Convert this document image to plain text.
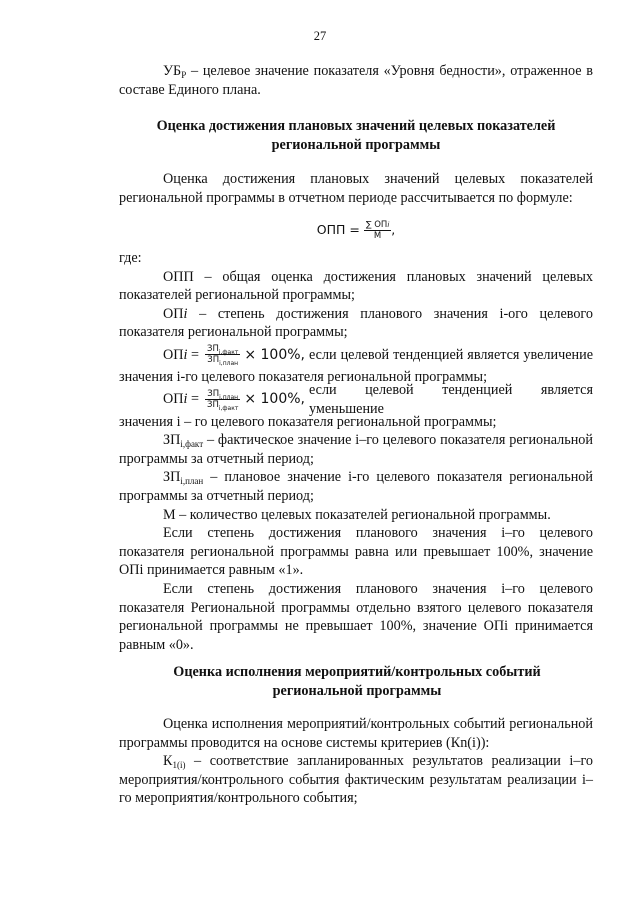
27

$УБ_Р$ – целевое значение показателя «Уровня бедности», отраженное в составе Единого плана.

Оценка достижения плановых значений целевых показателей региональной программы

Оценка достижения плановых значений целевых показателей региональной программы в отчетном периоде рассчитывается по формуле:

ОПП = $\frac{\text{∑ ОПi}}{М}$ ,

где:

ОПП – общая оценка достижения плановых значений целевых показателей региональной программы;

ОПi – степень достижения планового значения i-ого целевого показателя региональной программы;

ОПi = $\frac{ЗП_{i,факт}}{ЗП_{i,план}} \times 100\%$, если целевой тенденцией является увеличение

значения i-го целевого показателя региональной программы;

ОПi = $\frac{ЗП_{i,план}}{ЗП_{i,факт}} \times 100\%$,
если целевой тенденцией является уменьшение

значения i – го целевого показателя региональной программы;

$ЗП_{i,факт}$ – фактическое значение i–го целевого показателя региональной программы за отчетный период;

$ЗП_{i,план}$ – плановое значение i-го целевого показателя региональной программы за отчетный период;

М – количество целевых показателей региональной программы.

Если степень достижения планового значения i–го целевого показателя региональной программы равна или превышает 100%, значение ОПi принимается равным «1».

Если степень достижения планового значения i–го целевого показателя Региональной программы отдельно взятого целевого показателя региональной программы не превышает 100%, значение ОПi принимается равным «0».

Оценка исполнения мероприятий/контрольных событий региональной программы

Оценка исполнения мероприятий/контрольных событий региональной программы проводится на основе системы критериев (Кn(i)):

$К_{1(i)}$ – соответствие запланированных результатов реализации i–го мероприятия/контрольного события фактическим результатам реализации i–го мероприятия/контрольного события;
